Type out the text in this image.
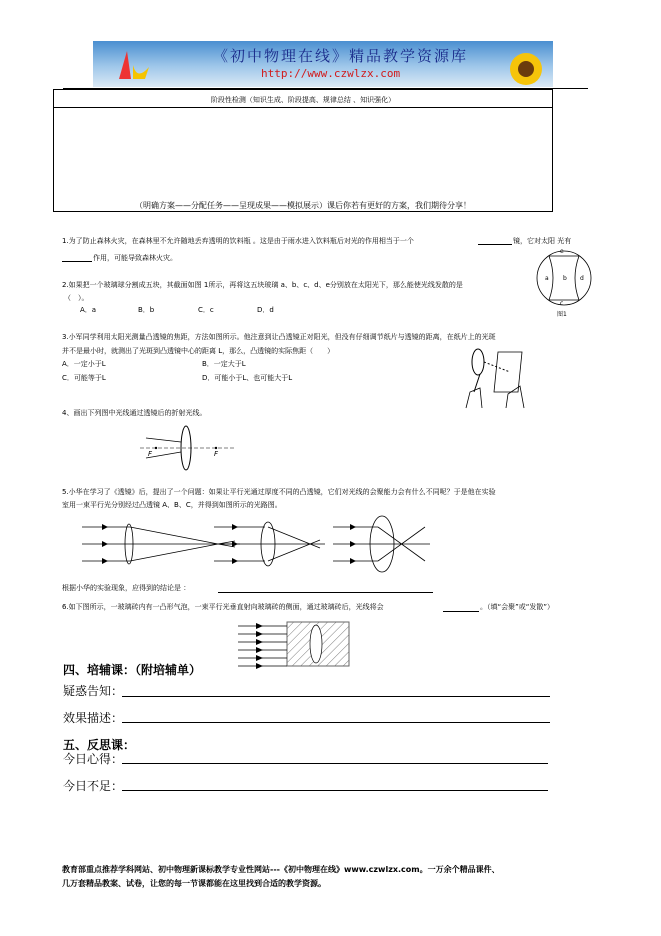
《初中物理在线》精品教学资源库
http://www.czwlzx.com
阶段性检测（知识生成、阶段提高、规律总结 、知识强化）
（明确方案——分配任务——呈现成果——模拟展示）课后你若有更好的方案，我们期待分享！
1.为了防止森林火灾，在森林里不允许随地丢弃透明的饮料瓶 。这是由于雨水进入饮料瓶后对光的作用相当于一个	镜，它对太阳 光有
作用，可能导致森林火灾。
2.如果把一个玻璃球分割成五块，其截面如图 1所示，再将这五块玻璃 a、b、c、d、e分别放在太阳光下，那么能使光线发散的是
（　）。
A．a	B．b	C．c	D．d
e
a b d
c
图1
3.小军同学利用太阳光测量凸透镜的焦距，方法如图所示。他注意到让凸透镜正对阳光，但没有仔细调节纸片与透镜的距离，在纸片上的光斑
并不是最小时，就测出了光斑到凸透镜中心的距离 L，那么，凸透镜的实际焦距（　　）
A．一定小于L	B．一定大于L
C．可能等于L	D．可能小于L、也可能大于L
4、画出下列图中光线通过透镜后的折射光线。
F	F
5.小华在学习了《透镜》后，提出了一个问题：如果让平行光通过厚度不同的凸透镜，它们对光线的会聚能力会有什么不同呢？于是他在实验
室用一束平行光分别经过凸透镜 A、B、C，并得到如图所示的光路图。
根据小华的实验现象，应得到的结论是 ：
6.如下图所示，一玻璃砖内有一凸形气泡，一束平行光垂直射向玻璃砖的侧面，通过玻璃砖后，光线将会	。（填“会聚”或“发散”）
四、培辅课：（附培辅单）
疑惑告知：
效果描述：
五、反思课：
今日心得：
今日不足：
教育部重点推荐学科网站、初中物理新课标教学专业性网站---《初中物理在线》www.czwlzx.com。一万余个精品课件、
几万套精品教案、试卷，让您的每一节课都能在这里找到合适的教学资源。
